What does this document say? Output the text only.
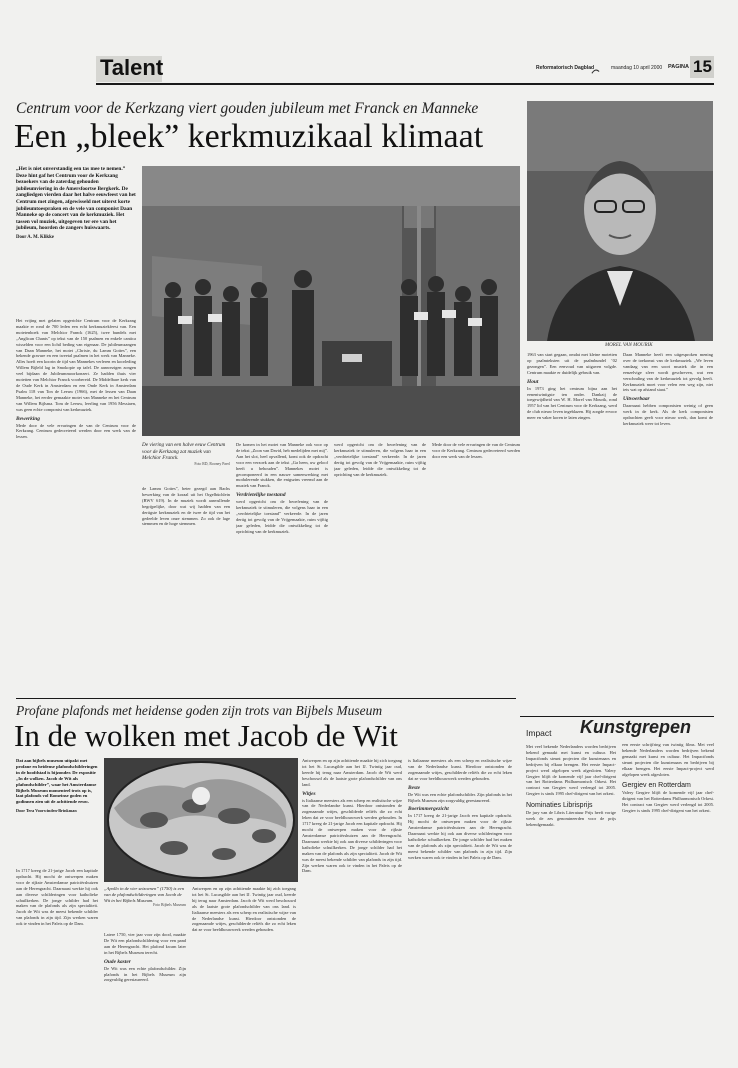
Talent	Reformatorisch Dagblad	maandag 10 april 2000 PAGINA 15
Centrum voor de Kerkzang viert gouden jubileum met Franck en Manneke
Een „bleek” kerkmuzikaal klimaat
MOREL VAN MOURIK
„Het is niet onverstandig een tas mee te nemen.” Deze hint gaf het Centrum voor de Kerkzang bezoekers van de zaterdag gehouden jubileumviering in de Amersfoortse Bergkerk. De zangliedgen vierden daar het halve eeuwfeest van het Centrum met zingen, afgewisseld met uiterst korte jubileumtoespraken en de vele van componist Daan Manneke op de concert van de kerkmuziek. Het tassen vol muziek, uitgegeven ter ere van het jubileum, hoorden de zangers huiswaarts.
Door A. M. Klikke
Het vrijing met gelaten opgerichte Centrum voor de Kerkzang maakte er rond de 700 leden een echt kerkmuziekfeest van. Een motetenboek van Melchior Franck (1625), twee bundels met „Anglican Chants” op tekst van de 150 psalmen en enkele cantica wisselden voor een lichtl beding van eigenaar. De jubileumzangen van Daan Manneke, het motet „Christe, du Lamm Gottes”, een bekende gravure en een tweetal psalmen in het werk van Manneke. Alles hoeft een koorin de tijd van Mannekes verleren en koorleding Willem Bijleld lag in Smokopie op tafel. De aanwezigen zongen veel bijdaan de Jubileummoorkonzert. Ze hadden thuis vier motetten van Melchior Franck voorbereid. De Middelbare kerk van de Oude Kerk in Amsterdam en een Onde Kerk in Amsterdam Psalm 118 van Ton de Leeuw (1966), met de lessen van Daan Manneke, het eerder gemaakte motet van Manneke en het Centrum van Willem Bijlsma. Tom de Leeuw, leerling van 1956 Messiaen, was geen echte componist van kerkmuziek.
Bewerking
Mede door de vele ervaringen de van de Centrum voor de Kerkzang. Centrum gedecreteerd werden door een werk van de lessen.
De viering van een halve eeuw Centrum voor de Kerkzang zat muziek van Melchior Franck.
Foto RD, Rooney Paerl
de Lamm Gottes”, beter gezegd aan Bachs bewerking van de koraal uit het Orgelbüchlein (BWV 619). In de muziek wordt aanvullende begrijpelijke, door wat wij hadden van een dertigste kerkmuziek en de twee de tijd van het gedeelde leven onze stemmen. Zo ook de lage stemmen en de hoge stemmen.
De komen in het motet van Manneke ook voor op de tekst „Zoon van David, heb medelijden met mij”. Aan het slot, heel opvallend, komt ook de opdracht voor een verzoek aan de tekst „Ga heen, uw geloof heeft u behouden”. Mannekes motet is gecomponeerd in een nauwe samenwerking met modulerende stukken, die enigszins vreemd aan de muziek van Franck.
Verdrietelijke toestand
werd opgericht om de beoefening van de kerkmuziek te stimuleren, die volgens haar in een „verdrietelijke toestand” verkeerde. In de jaren dertig tot gevolg van de Vrijgemaakte, ruim vijftig jaar geleden, leidde die ontwikkeling tot de oprichting van de kerkmuziek.
werd opgericht om de beoefening van de kerkmuziek te stimuleren, die volgens haar in een „verdrietelijke toestand” verkeerde. In de jaren dertig tot gevolg van de Vrijgemaakte, ruim vijftig jaar geleden, leidde die ontwikkeling tot de oprichting van de kerkmuziek.
Mede door de vele ervaringen de van de Centrum voor de Kerkzang. Centrum gedecreteerd werden door een werk van de lessen.
1963 van start gegaan, omdat met kleine motetten op psalmteksten uit de psalmbundel ’02 gezongen”. Een eenvoud van uitgaven volgde. Centrum maakte er duidelijk gebruik van.
Hout
In 1973 ging het centrum bijna aan het eenentwintigste ten onder. Dankzij de toegewijdheid van W. H. Morel van Mourik, rond 1957 lid van het Centrum voor de Kerkzang, werd de club nieuw leven ingeblazen. Hij zorgde ervoor meer en vaker koren te laten zingen.
Daan Manneke heeft een uitgesproken mening over de toekomst van de kerkmuziek. „We leven vandaag van een soort muziek die in een eenzelvige sfeer wordt geschreven, wat een verschraling van de kerkmuziek tot gevolg heeft. Kerkmuziek moet voor velen een weg zijn, niet iets wat op afstand staat.”
Uitvoerbaar
Daarnaast hebben componisten weinig of geen werk in de kerk. Als de kerk componisten opdrachten geeft voor nieuw werk, dan komt de kerkmuziek weer tot leven.
Profane plafonds met heidense goden zijn trots van Bijbels Museum
In de wolken met Jacob de Wit
Dat aan bijbels museum uitpakt met profane en heidense plafondschilderingen in de hoofdstad is bijzonder. De expositie „In de wolken. Jacob de Wit als plafondschilder”, waar het Amsterdamse Bijbels Museum momenteel trots op is, laat plafonds vol Romeinse goden en godinnen zien uit de achttiende eeuw.
Door Tera Voorwinden-Brinkman
In 1717 kreeg de 21-jarige Jacob een kapitale opdracht. Hij mocht de ontwerpen maken voor de rijkste Amsterdamse patriciërshuizen aan de Herengracht. Daarnaast werkte hij ook aan diverse schilderingen voor katholieke schuilkerken. De jonge schilder had het maken van de plafonds als zijn specialiteit. Jacob de Wit was de meest bekende schilder van plafonds in zijn tijd. Zijn werken waren ook te vinden in het Paleis op de Dam.
„Apollo in de vier seizoenen” (1750) is een van de plafondschilderingen van Jacob de Wit in het Bijbels Museum.
Foto Bijbels Museum
Latere 1750, vier jaar voor zijn dood, maakte De Wit een plafondschildering voor een pand aan de Herengracht. Het plafond kwam later in het Bijbels Museum terecht.
Oude kaster
De Wit was een echte plafondschilder. Zijn plafonds in het Bijbels Museum zijn zorgvuldig gerestaureerd.
Antwerpen en op zijn achttiende maakte hij zich toegang tot het St. Lucasgilde aan het IJ. Twintig jaar oud, keerde hij terug naar Amsterdam. Jacob de Wit werd beschouwd als de laatste grote plafondschilder van ons land. is Italiaanse meesters als een scherp en realistische wijze van de Nederlandse kunst. Hierdoor ontstonden de zogenaamde witjes, geschilderde reliëfs die zo echt leken dat ze voor beeldhouwwerk werden gehouden.
Antwerpen en op zijn achttiende maakte hij zich toegang tot het St. Lucasgilde aan het IJ. Twintig jaar oud, keerde hij terug naar Amsterdam. Jacob de Wit werd beschouwd als de laatste grote plafondschilder van ons land.
Witjes
is Italiaanse meesters als een scherp en realistische wijze van de Nederlandse kunst. Hierdoor ontstonden de zogenaamde witjes, geschilderde reliëfs die zo echt leken dat ze voor beeldhouwwerk werden gehouden. In 1717 kreeg de 21-jarige Jacob een kapitale opdracht. Hij mocht de ontwerpen maken voor de rijkste Amsterdamse patriciërshuizen aan de Herengracht. Daarnaast werkte hij ook aan diverse schilderingen voor katholieke schuilkerken. De jonge schilder had het maken van de plafonds als zijn specialiteit. Jacob de Wit was de meest bekende schilder van plafonds in zijn tijd. Zijn werken waren ook te vinden in het Paleis op de Dam.
is Italiaanse meesters als een scherp en realistische wijze van de Nederlandse kunst. Hierdoor ontstonden de zogenaamde witjes, geschilderde reliëfs die zo echt leken dat ze voor beeldhouwwerk werden gehouden.
Beste
De Wit was een echte plafondschilder. Zijn plafonds in het Bijbels Museum zijn zorgvuldig gerestaureerd.
Boerimmergezicht
In 1717 kreeg de 21-jarige Jacob een kapitale opdracht. Hij mocht de ontwerpen maken voor de rijkste Amsterdamse patriciërshuizen aan de Herengracht. Daarnaast werkte hij ook aan diverse schilderingen voor katholieke schuilkerken. De jonge schilder had het maken van de plafonds als zijn specialiteit. Jacob de Wit was de meest bekende schilder van plafonds in zijn tijd. Zijn werken waren ook te vinden in het Paleis op de Dam.
Impact Kunstgrepen
Met veel bekende Nederlanders worden bedrijven bekend gemaakt met kunst en cultuur. Het Impactfonds steunt projecten die kunstenaars en bedrijven bij elkaar brengen. Het eerste Impact-project werd afgelopen week afgesloten. Valery Gergiev blijft de komende vijf jaar chef-dirigent van het Rotterdams Philharmonisch Orkest. Het contract van Gergiev werd verlengd tot 2005. Gergiev is sinds 1995 chef-dirigent van het orkest.
Nominaties Librisprijs
De jury van de Libris Literatuur Prijs heeft vorige week de zes genomineerden voor de prijs bekendgemaakt.
een eerste schrijfring van twintig films. Met veel bekende Nederlanders worden bedrijven bekend gemaakt met kunst en cultuur. Het Impactfonds steunt projecten die kunstenaars en bedrijven bij elkaar brengen. Het eerste Impact-project werd afgelopen week afgesloten.
Gergiev en Rotterdam
Valery Gergiev blijft de komende vijf jaar chef-dirigent van het Rotterdams Philharmonisch Orkest. Het contract van Gergiev werd verlengd tot 2005. Gergiev is sinds 1995 chef-dirigent van het orkest.
